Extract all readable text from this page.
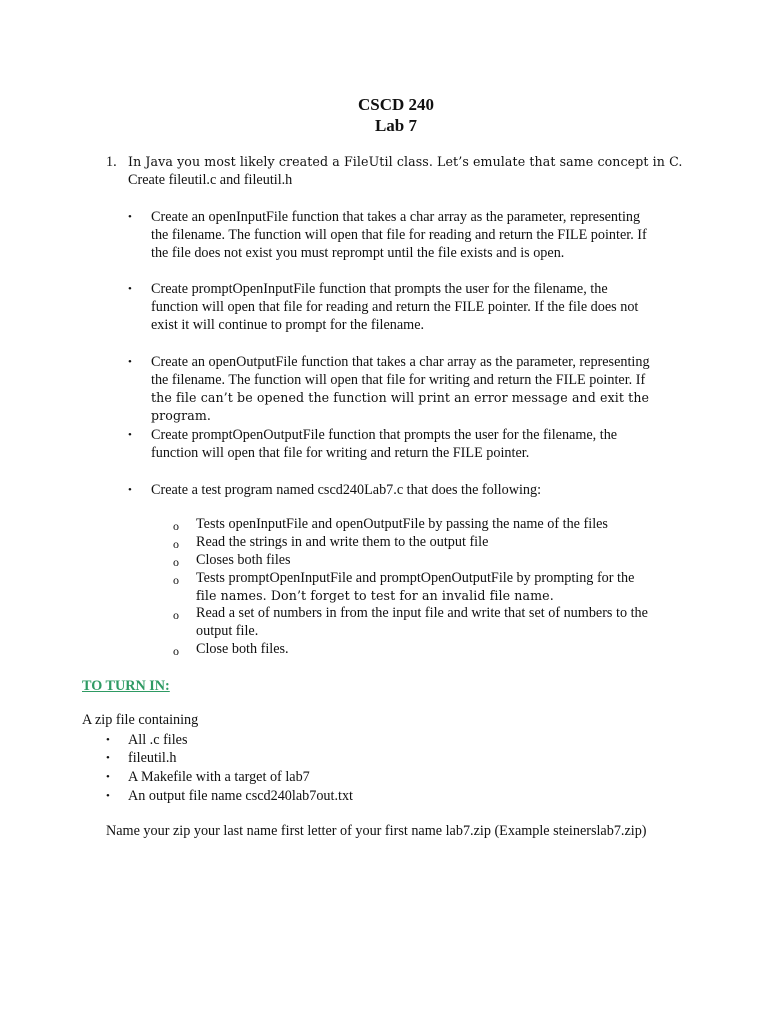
CSCD 240
Lab 7
1. In Java you most likely created a FileUtil class. Let’s emulate that same concept in C.
Create fileutil.c and fileutil.h
• Create an openInputFile function that takes a char array as the parameter, representing
the filename. The function will open that file for reading and return the FILE pointer. If
the file does not exist you must reprompt until the file exists and is open.
• Create promptOpenInputFile function that prompts the user for the filename, the
function will open that file for reading and return the FILE pointer. If the file does not
exist it will continue to prompt for the filename.
• Create an openOutputFile function that takes a char array as the parameter, representing
the filename. The function will open that file for writing and return the FILE pointer. If
the file can’t be opened the function will print an error message and exit the program.
• Create promptOpenOutputFile function that prompts the user for the filename, the
function will open that file for writing and return the FILE pointer.
• Create a test program named cscd240Lab7.c that does the following:
o Tests openInputFile and openOutputFile by passing the name of the files
o Read the strings in and write them to the output file
o Closes both files
o Tests promptOpenInputFile and promptOpenOutputFile by prompting for the
file names. Don’t forget to test for an invalid file name.
o Read a set of numbers in from the input file and write that set of numbers to the
output file.
o Close both files.
TO TURN IN:
A zip file containing
• All .c files
• fileutil.h
• A Makefile with a target of lab7
• An output file name cscd240lab7out.txt
Name your zip your last name first letter of your first name lab7.zip (Example steinerslab7.zip)
